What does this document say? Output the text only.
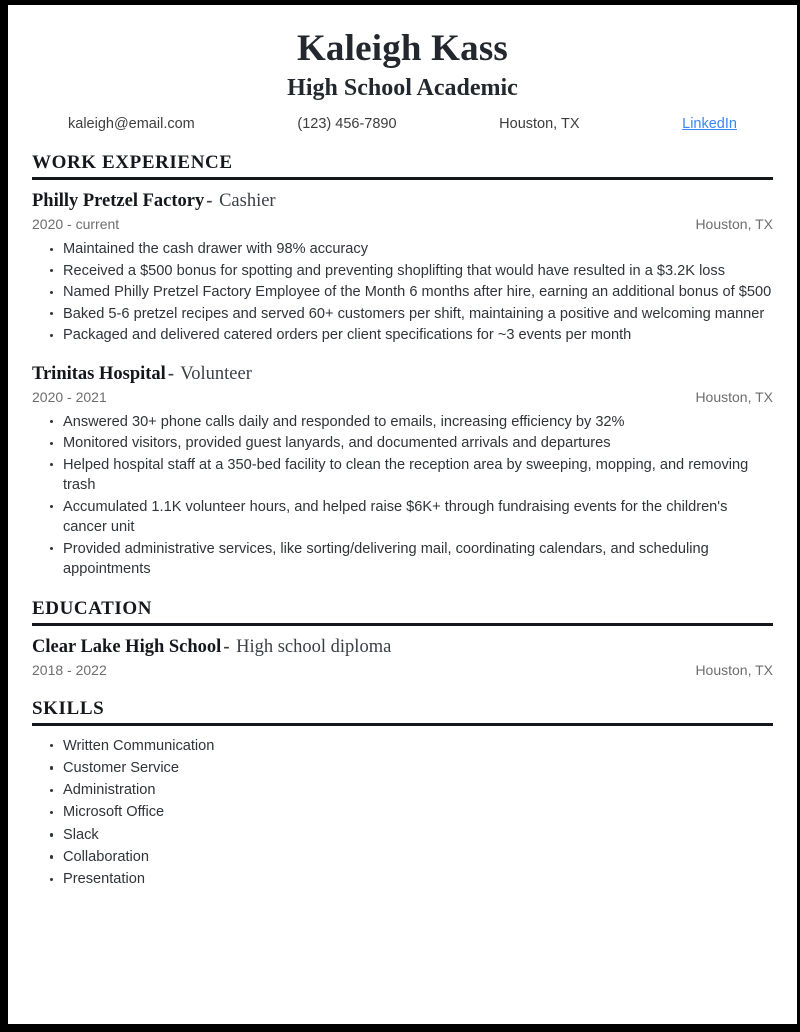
Kaleigh Kass
High School Academic
kaleigh@email.com	(123) 456-7890	Houston, TX	LinkedIn
WORK EXPERIENCE
Philly Pretzel Factory - Cashier
2020 - current	Houston, TX
Maintained the cash drawer with 98% accuracy
Received a $500 bonus for spotting and preventing shoplifting that would have resulted in a $3.2K loss
Named Philly Pretzel Factory Employee of the Month 6 months after hire, earning an additional bonus of $500
Baked 5-6 pretzel recipes and served 60+ customers per shift, maintaining a positive and welcoming manner
Packaged and delivered catered orders per client specifications for ~3 events per month
Trinitas Hospital - Volunteer
2020 - 2021	Houston, TX
Answered 30+ phone calls daily and responded to emails, increasing efficiency by 32%
Monitored visitors, provided guest lanyards, and documented arrivals and departures
Helped hospital staff at a 350-bed facility to clean the reception area by sweeping, mopping, and removing trash
Accumulated 1.1K volunteer hours, and helped raise $6K+ through fundraising events for the children's cancer unit
Provided administrative services, like sorting/delivering mail, coordinating calendars, and scheduling appointments
EDUCATION
Clear Lake High School - High school diploma
2018 - 2022	Houston, TX
SKILLS
Written Communication
Customer Service
Administration
Microsoft Office
Slack
Collaboration
Presentation
